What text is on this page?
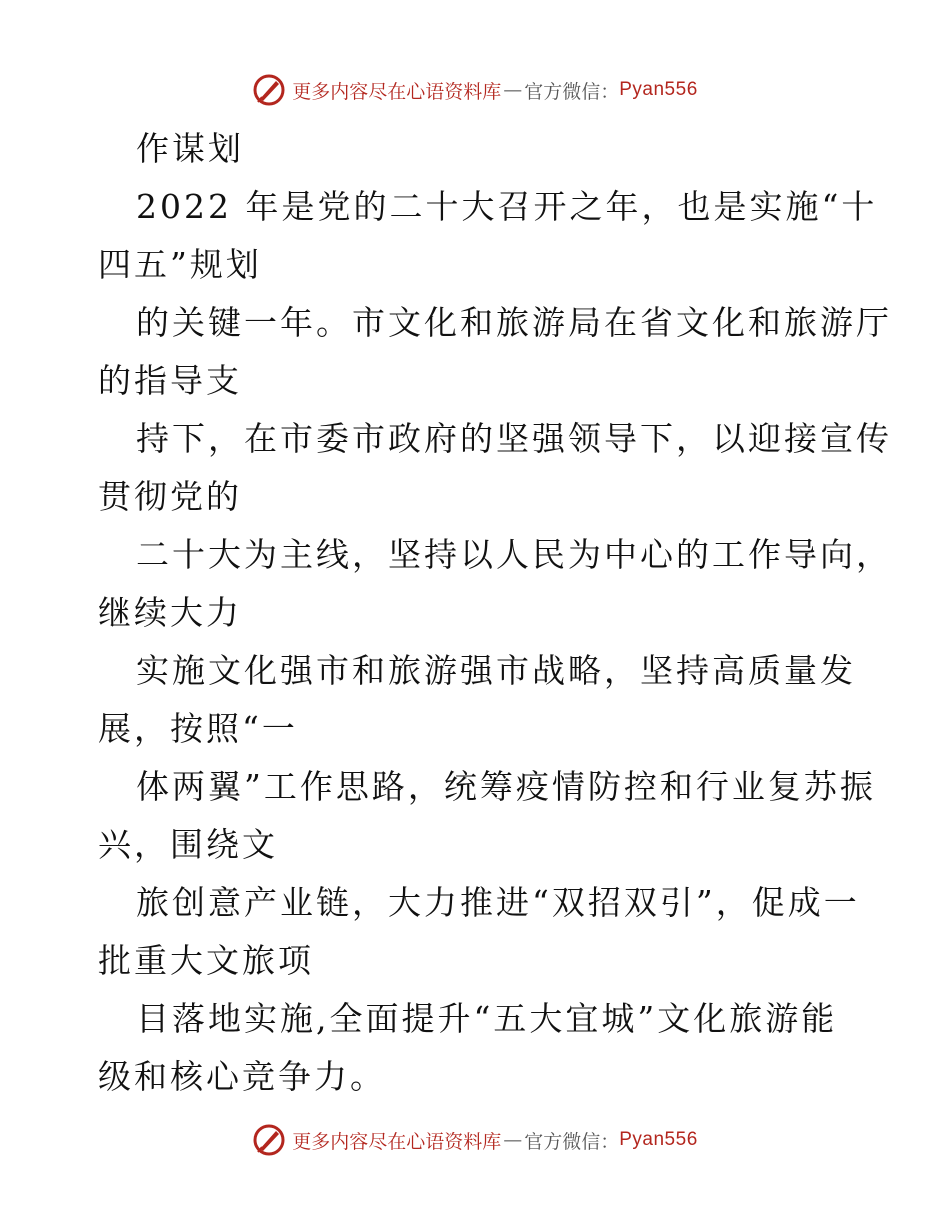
更多内容尽在心语资料库 — 官方微信： Pyan556
作谋划
2022 年是党的二十大召开之年，也是实施“十
四五”规划
的关键一年。市文化和旅游局在省文化和旅游厅
的指导支
持下，在市委市政府的坚强领导下，以迎接宣传
贯彻党的
二十大为主线，坚持以人民为中心的工作导向，
继续大力
实施文化强市和旅游强市战略，坚持高质量发
展，按照“一
体两翼”工作思路，统筹疫情防控和行业复苏振
兴，围绕文
旅创意产业链，大力推进“双招双引”，促成一
批重大文旅项
目落地实施,全面提升“五大宜城”文化旅游能
级和核心竞争力。
更多内容尽在心语资料库 — 官方微信： Pyan556
